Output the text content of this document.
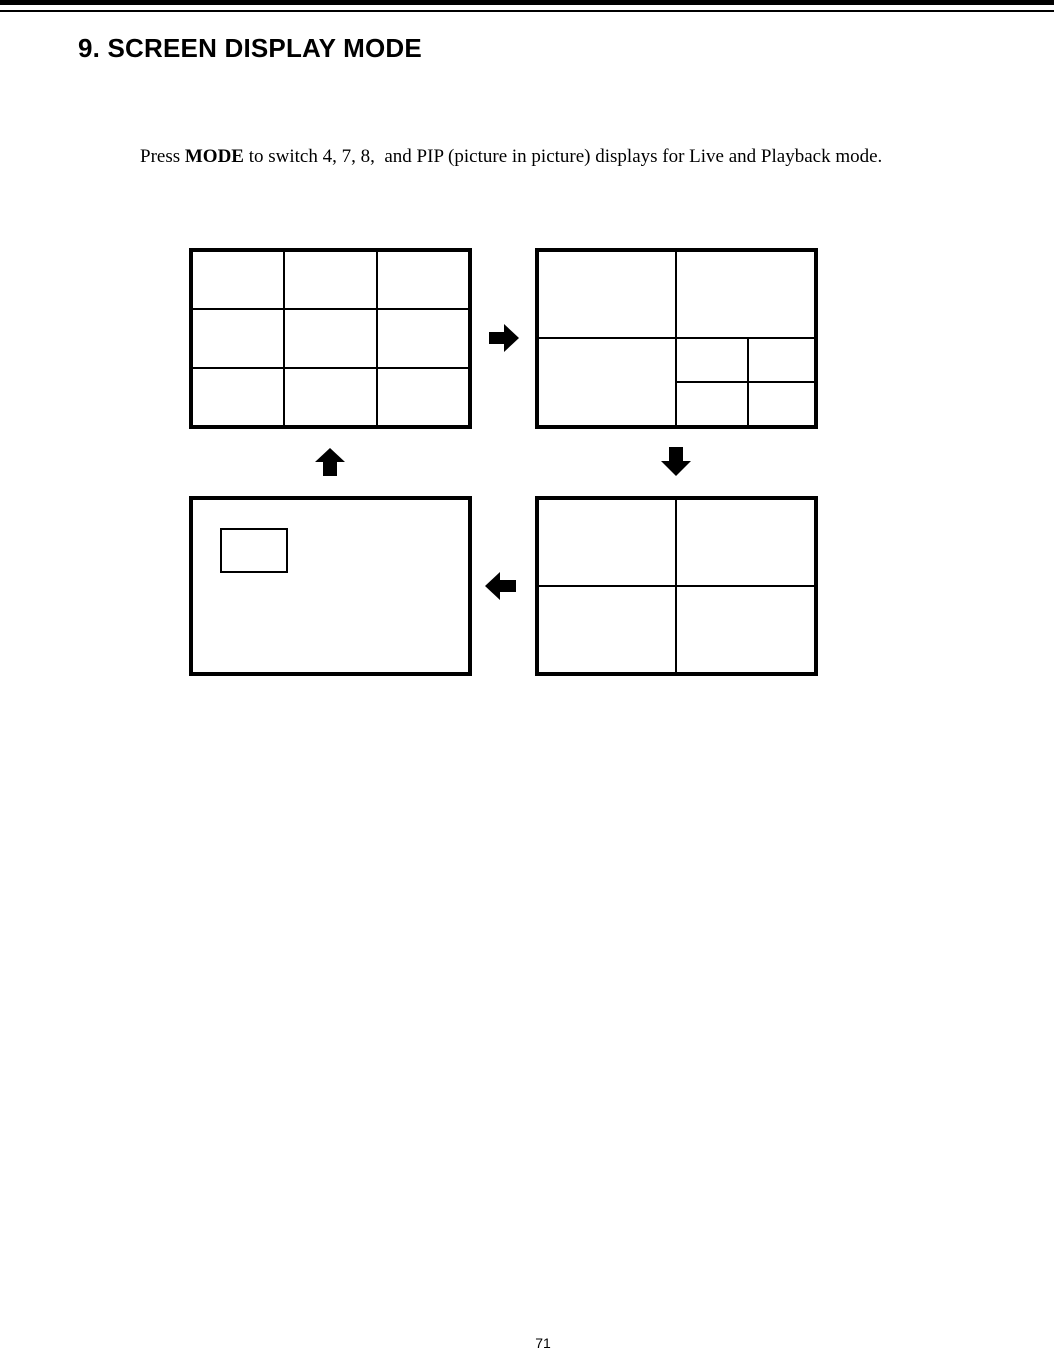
9. SCREEN DISPLAY MODE

Press MODE to switch 4, 7, 8,  and PIP (picture in picture) displays for Live and Playback mode.

71
